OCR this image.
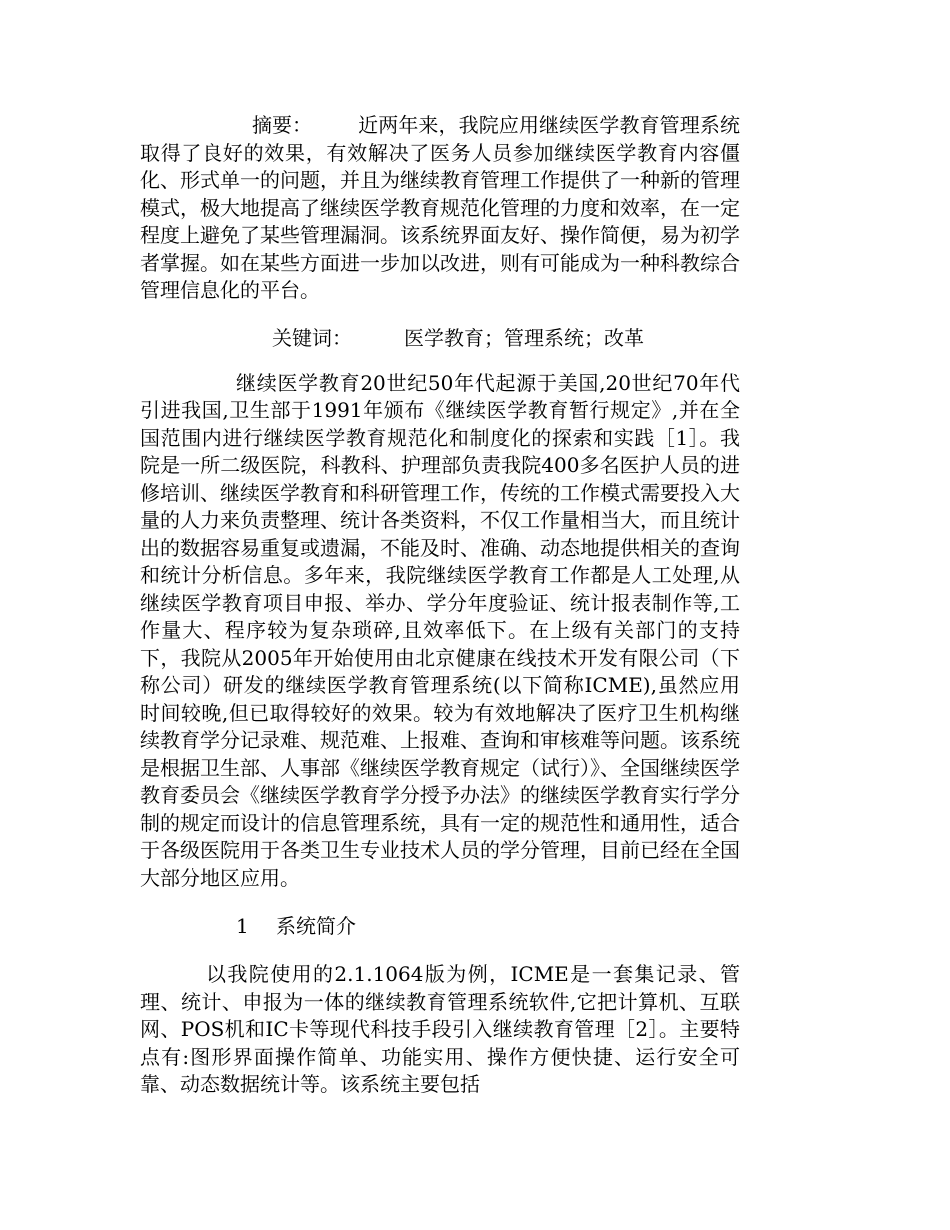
摘要： 近两年来，我院应用继续医学教育管理系统取得了良好的效果，有效解决了医务人员参加继续医学教育内容僵化、形式单一的问题，并且为继续教育管理工作提供了一种新的管理模式，极大地提高了继续医学教育规范化管理的力度和效率，在一定程度上避免了某些管理漏洞。该系统界面友好、操作简便，易为初学者掌握。如在某些方面进一步加以改进，则有可能成为一种科教综合管理信息化的平台。

关键词：	医学教育；管理系统；改革

继续医学教育20世纪50年代起源于美国,20世纪70年代引进我国,卫生部于1991年颁布《继续医学教育暂行规定》,并在全国范围内进行继续医学教育规范化和制度化的探索和实践［1］。我院是一所二级医院，科教科、护理部负责我院400多名医护人员的进修培训、继续医学教育和科研管理工作，传统的工作模式需要投入大量的人力来负责整理、统计各类资料，不仅工作量相当大，而且统计出的数据容易重复或遗漏，不能及时、准确、动态地提供相关的查询和统计分析信息。多年来，我院继续医学教育工作都是人工处理,从继续医学教育项目申报、举办、学分年度验证、统计报表制作等,工作量大、程序较为复杂琐碎,且效率低下。在上级有关部门的支持下，我院从2005年开始使用由北京健康在线技术开发有限公司（下称公司）研发的继续医学教育管理系统(以下简称ICME),虽然应用时间较晚,但已取得较好的效果。较为有效地解决了医疗卫生机构继续教育学分记录难、规范难、上报难、查询和审核难等问题。该系统是根据卫生部、人事部《继续医学教育规定（试行）》、全国继续医学教育委员会《继续医学教育学分授予办法》的继续医学教育实行学分制的规定而设计的信息管理系统，具有一定的规范性和通用性，适合于各级医院用于各类卫生专业技术人员的学分管理，目前已经在全国大部分地区应用。

1 系统简介

以我院使用的2.1.1064版为例，ICME是一套集记录、管理、统计、申报为一体的继续教育管理系统软件,它把计算机、互联网、POS机和IC卡等现代科技手段引入继续教育管理［2］。主要特点有:图形界面操作简单、功能实用、操作方便快捷、运行安全可靠、动态数据统计等。该系统主要包括
